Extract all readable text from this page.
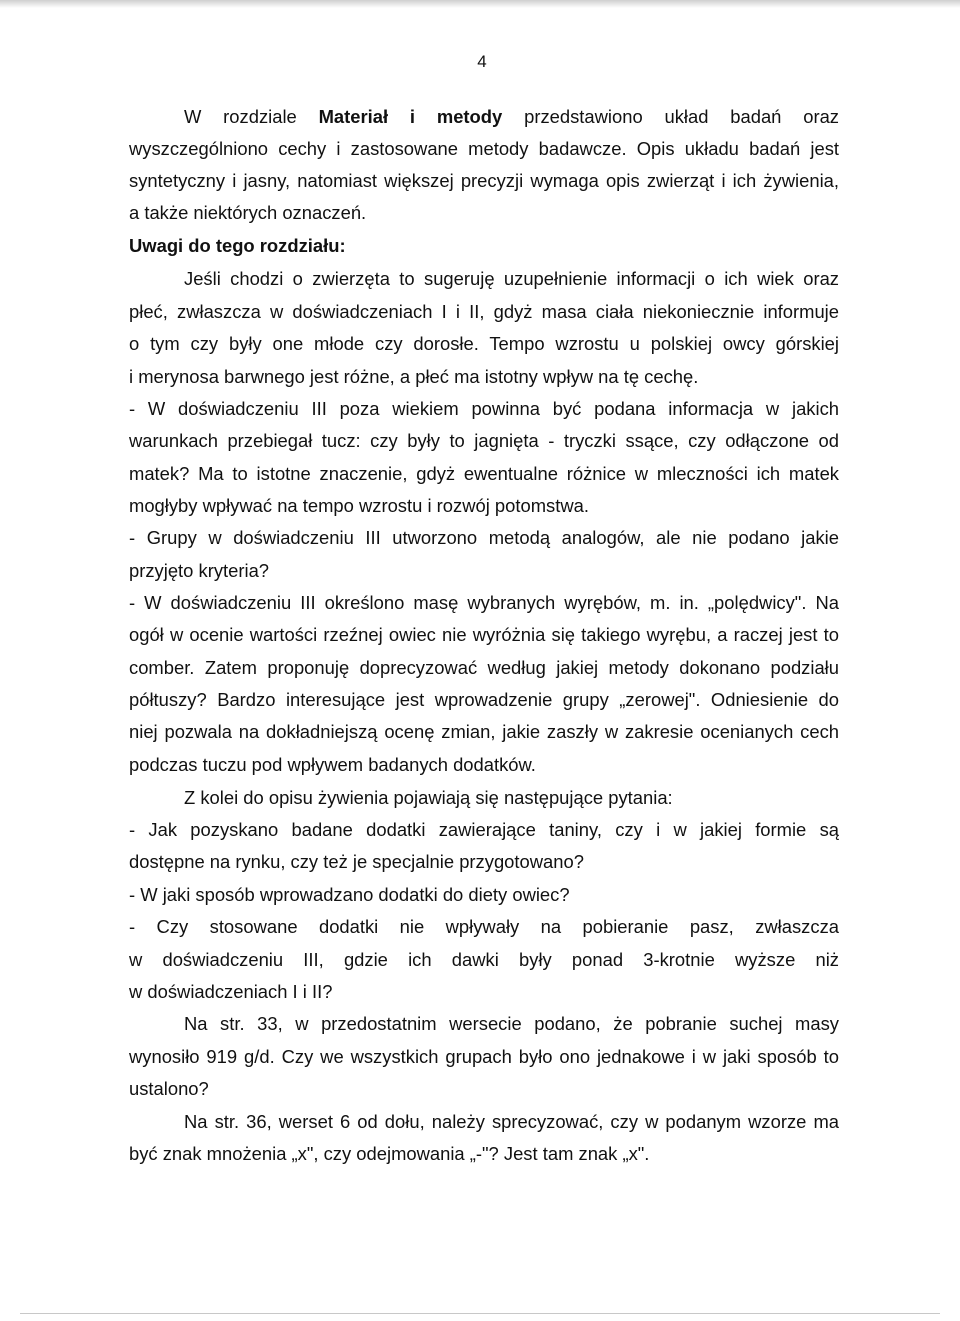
4
W rozdziale Materiał i metody przedstawiono układ badań oraz
wyszczególniono cechy i zastosowane metody badawcze. Opis układu badań jest
syntetyczny i jasny, natomiast większej precyzji wymaga opis zwierząt i ich żywienia,
a także niektórych oznaczeń.
Uwagi do tego rozdziału:
Jeśli chodzi o zwierzęta to sugeruję uzupełnienie informacji o ich wiek oraz
płeć, zwłaszcza w doświadczeniach I i II, gdyż masa ciała niekoniecznie informuje
o tym czy były one młode czy dorosłe. Tempo wzrostu u polskiej owcy górskiej
i merynosa barwnego jest różne, a płeć ma istotny wpływ na tę cechę.
- W doświadczeniu III poza wiekiem powinna być podana informacja w jakich
warunkach przebiegał tucz: czy były to jagnięta - tryczki ssące, czy odłączone od
matek? Ma to istotne znaczenie, gdyż ewentualne różnice w mleczności ich matek
mogłyby wpływać na tempo wzrostu i rozwój potomstwa.
- Grupy w doświadczeniu III utworzono metodą analogów, ale nie podano jakie
przyjęto kryteria?
- W doświadczeniu III określono masę wybranych wyrębów, m. in. „polędwicy". Na
ogół w ocenie wartości rzeźnej owiec nie wyróżnia się takiego wyrębu, a raczej jest to
comber. Zatem proponuję doprecyzować według jakiej metody dokonano podziału
półtuszy? Bardzo interesujące jest wprowadzenie grupy „zerowej". Odniesienie do
niej pozwala na dokładniejszą ocenę zmian, jakie zaszły w zakresie ocenianych cech
podczas tuczu pod wpływem badanych dodatków.
Z kolei do opisu żywienia pojawiają się następujące pytania:
- Jak pozyskano badane dodatki zawierające taniny, czy i w jakiej formie są
dostępne na rynku, czy też je specjalnie przygotowano?
- W jaki sposób wprowadzano dodatki do diety owiec?
- Czy stosowane dodatki nie wpływały na pobieranie pasz, zwłaszcza
w doświadczeniu III, gdzie ich dawki były ponad 3-krotnie wyższe niż
w doświadczeniach I i II?
Na str. 33, w przedostatnim wersecie podano, że pobranie suchej masy
wynosiło 919 g/d. Czy we wszystkich grupach było ono jednakowe i w jaki sposób to
ustalono?
Na str. 36, werset 6 od dołu, należy sprecyzować, czy w podanym wzorze ma
być znak mnożenia „x", czy odejmowania „-"? Jest tam znak „x".
